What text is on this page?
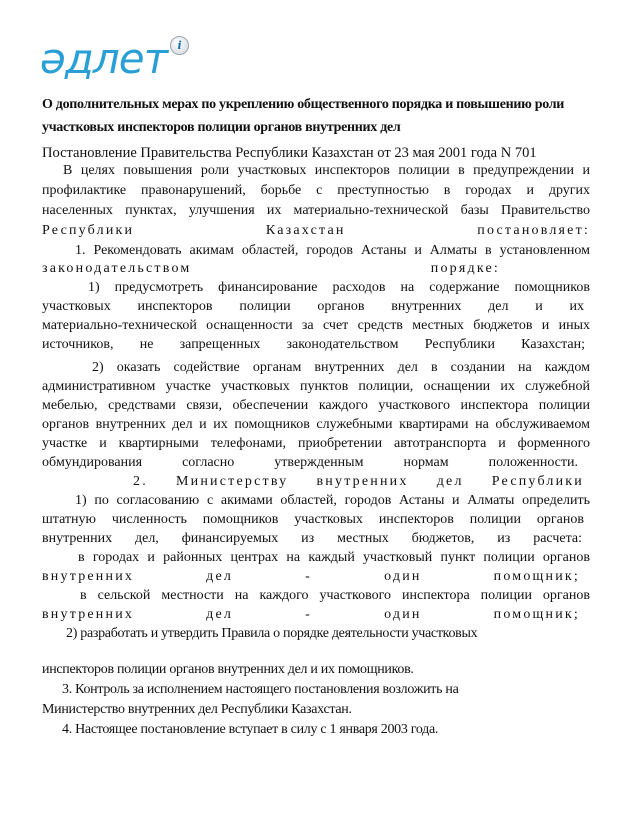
әдлет i
О дополнительных мерах по укреплению общественного порядка и повышению роли участковых инспекторов полиции органов внутренних дел
Постановление Правительства Республики Казахстан от 23 мая 2001 года N 701
В целях повышения роли участковых инспекторов полиции в предупреждении и
профилактике правонарушений, борьбе с преступностью в городах и других
населенных пунктах, улучшения их материально-технической базы Правительство
Республики Казахстан постановляет:
1. Рекомендовать акимам областей, городов Астаны и Алматы в установленном
законодательством порядке:
1) предусмотреть финансирование расходов на содержание помощников
участковых инспекторов полиции органов внутренних дел и их
материально-технической оснащенности за счет средств местных бюджетов и иных
источников, не запрещенных законодательством Республики Казахстан;
2) оказать содействие органам внутренних дел в создании на каждом
административном участке участковых пунктов полиции, оснащении их служебной
мебелью, средствами связи, обеспечении каждого участкового инспектора полиции
органов внутренних дел и их помощников служебными квартирами на обслуживаемом
участке и квартирными телефонами, приобретении автотранспорта и форменного
обмундирования согласно утвержденным нормам положенности.
2. Министерству внутренних дел Республики
1) по согласованию с акимами областей, городов Астаны и Алматы определить
штатную численность помощников участковых инспекторов полиции органов
внутренних дел, финансируемых из местных бюджетов, из расчета:
в городах и районных центрах на каждый участковый пункт полиции органов
внутренних дел - один помощник;
в сельской местности на каждого участкового инспектора полиции органов
внутренних дел - один помощник;
2) разработать и утвердить Правила о порядке деятельности участковых
инспекторов полиции органов внутренних дел и их помощников.
3. Контроль за исполнением настоящего постановления возложить на
Министерство внутренних дел Республики Казахстан.
4. Настоящее постановление вступает в силу с 1 января 2003 года.
